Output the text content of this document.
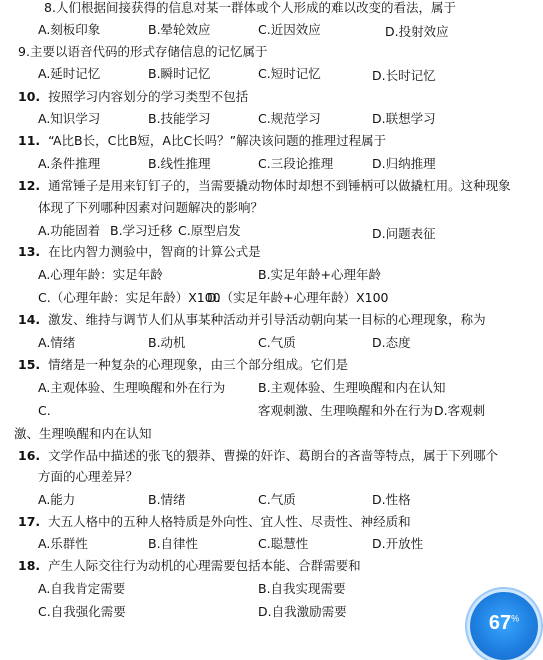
8.人们根据间接获得的信息对某一群体或个人形成的难以改变的看法，属于
A.刻板印象	B.晕轮效应	C.近因效应	D.投射效应
9.主要以语音代码的形式存储信息的记忆属于
A.延时记忆	B.瞬时记忆	C.短时记忆	D.长时记忆
10. 按照学习内容划分的学习类型不包括
A.知识学习	B.技能学习	C.规范学习	D.联想学习
11. “A比B长，C比B短，A比C长吗？”解决该问题的推理过程属于
A.条件推理	B.线性推理	C.三段论推理	D.归纳推理
12. 通常锤子是用来钉钉子的，当需要撬动物体时却想不到锤柄可以做撬杠用。这种现象
体现了下列哪种因素对问题解决的影响？
A.功能固着 B.学习迁移 C.原型启发	D.问题表征
13. 在比内智力测验中，智商的计算公式是
A.心理年龄：实足年龄	B.实足年龄+心理年龄
C.（心理年龄：实足年龄）X100
D.（实足年龄+心理年龄）X100
14. 激发、维持与调节人们从事某种活动并引导活动朝向某一目标的心理现象，称为
A.情绪	B.动机	C.气质	D.态度
15. 情绪是一种复杂的心理现象，由三个部分组成。它们是
A.主观体验、生理唤醒和外在行为	B.主观体验、生理唤醒和内在认知
C.	客观刺激、生理唤醒和外在行为 D.客观刺
激、生理唤醒和内在认知
16. 文学作品中描述的张飞的猥莽、曹操的奸诈、葛朗台的吝啬等特点，属于下列哪个
方面的心理差异？
A.能力	B.情绪	C.气质	D.性格
17. 大五人格中的五种人格特质是外向性、宜人性、尽责性、神经质和
A.乐群性	B.自律性	C.聪慧性	D.开放性
18. 产生人际交往行为动机的心理需要包括本能、合群需要和
A.自我肯定需要	B.自我实现需要
C.自我强化需要	D.自我激励需要
67%
